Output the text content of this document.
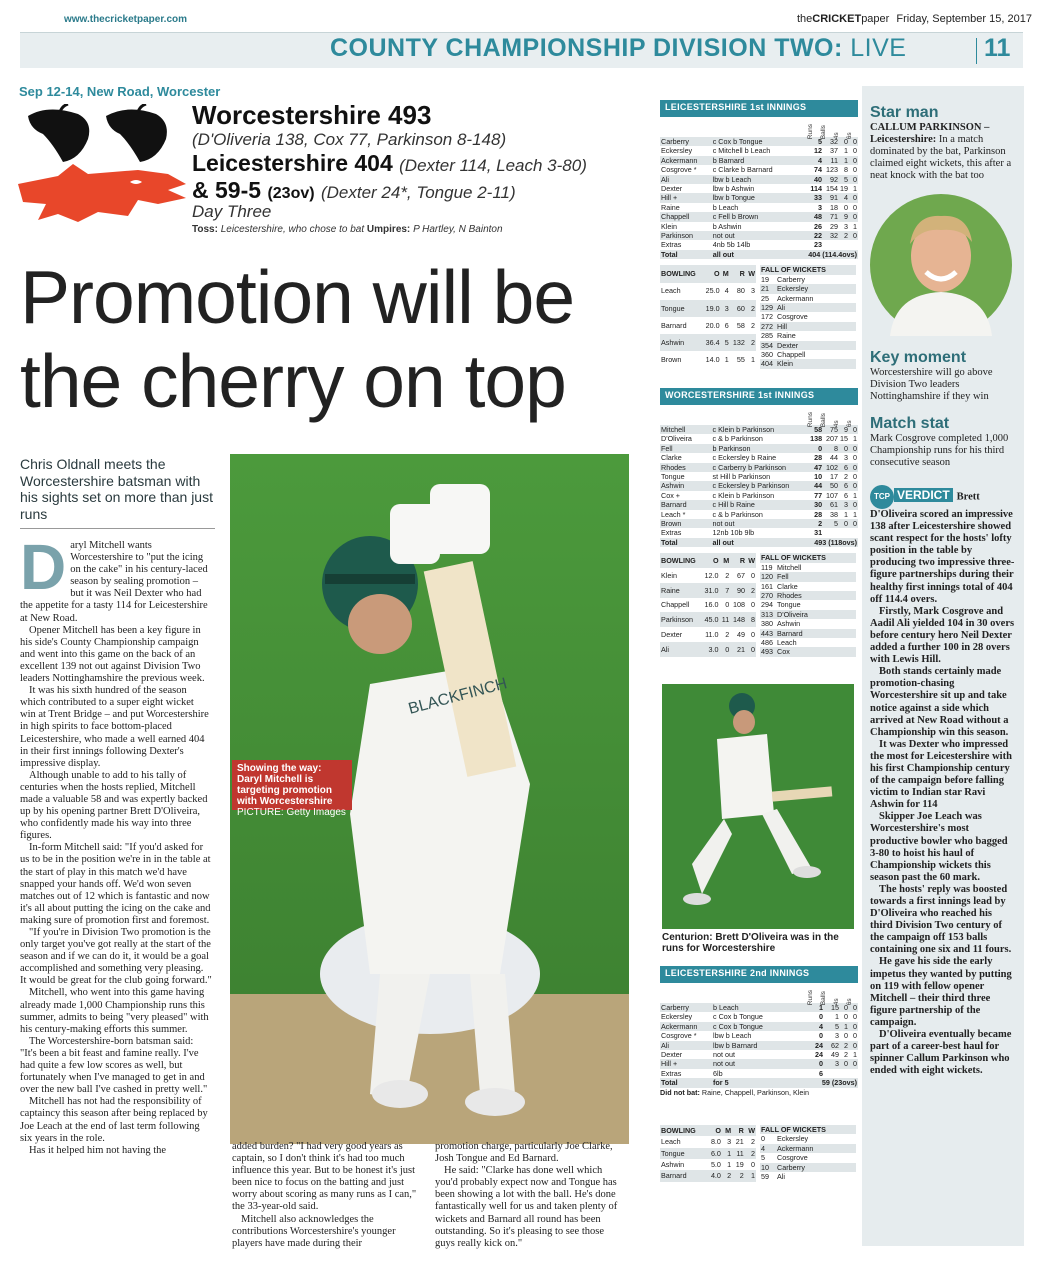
www.thecricketpaper.com	theCRICKETpaper Friday, September 15, 2017
COUNTY CHAMPIONSHIP DIVISION TWO: LIVE	11
Sep 12-14, New Road, Worcester
Worcestershire 493
(D'Oliveria 138, Cox 77, Parkinson 8-148)
Leicestershire 404 (Dexter 114, Leach 3-80)
& 59-5 (23ov) (Dexter 24*, Tongue 2-11)
Day Three
Toss: Leicestershire, who chose to bat Umpires: P Hartley, N Bainton
Promotion will be
the cherry on top
Chris Oldnall meets the Worcestershire batsman with his sights set on more than just runs

Daryl Mitchell wants Worcestershire to "put the icing on the cake" in his century-laced season by sealing promotion – but it was Neil Dexter who had the appetite for a tasty 114 for Leicestershire at New Road.

Opener Mitchell has been a key figure in his side's County Championship campaign and went into this game on the back of an excellent 139 not out against Division Two leaders Nottinghamshire the previous week.

It was his sixth hundred of the season which contributed to a super eight wicket win at Trent Bridge – and put Worcestershire in high spirits to face bottom-placed Leicestershire, who made a well earned 404 in their first innings following Dexter's impressive display.

Although unable to add to his tally of centuries when the hosts replied, Mitchell made a valuable 58 and was expertly backed up by his opening partner Brett D'Oliveira, who confidently made his way into three figures.

In-form Mitchell said: "If you'd asked for us to be in the position we're in in the table at the start of play in this match we'd have snapped your hands off. We'd won seven matches out of 12 which is fantastic and now it's all about putting the icing on the cake and making sure of promotion first and foremost.

"If you're in Division Two promotion is the only target you've got really at the start of the season and if we can do it, it would be a goal accomplished and something very pleasing. It would be great for the club going forward."

Mitchell, who went into this game having already made 1,000 Championship runs this summer, admits to being "very pleased" with his century-making efforts this summer.

The Worcestershire-born batsman said: "It's been a bit feast and famine really. I've had quite a few low scores as well, but fortunately when I've managed to get in and over the new ball I've cashed in pretty well."

Mitchell has not had the responsibility of captaincy this season after being replaced by Joe Leach at the end of last term following six years in the role.

Has it helped him not having the

BLACKFINCH
Showing the way: Daryl Mitchell is targeting promotion with Worcestershire
PICTURE: Getty Images

added burden? "I had very good years as captain, so I don't think it's had too much influence this year. But to be honest it's just been nice to focus on the batting and just worry about scoring as many runs as I can," the 33-year-old said.

Mitchell also acknowledges the contributions Worcestershire's younger players have made during their

promotion charge, particularly Joe Clarke, Josh Tongue and Ed Barnard.

He said: "Clarke has done well which you'd probably expect now and Tongue has been showing a lot with the ball. He's done fantastically well for us and taken plenty of wickets and Barnard all round has been outstanding. So it's pleasing to see those guys really kick on."

LEICESTERSHIRE 1st INNINGS
Runs Balls 4s 6s
Carberry	c Cox b Tongue	5	32	0	0
Eckersley	c Mitchell b Leach	12	37	1	0
Ackermann	b Barnard	4	11	1	0
Cosgrove *	c Clarke b Barnard	74	123	8	0
Ali	lbw b Leach	40	92	5	0
Dexter	lbw b Ashwin	114	154	19	1
Hill +	lbw b Tongue	33	91	4	0
Raine	b Leach	3	18	0	0
Chappell	c Fell b Brown	48	71	9	0
Klein	b Ashwin	26	29	3	1
Parkinson	not out	22	32	2	0
Extras	4nb 5b 14lb	23			
Total	all out	404 (114.4ovs)			
BOWLING	O	M	R	W
Leach	25.0	4	80	3
Tongue	19.0	3	60	2
Barnard	20.0	6	58	2
Ashwin	36.4	5	132	2
Brown	14.0	1	55	1
FALL OF WICKETS	
19	Carberry
21	Eckersley
25	Ackermann
129	Ali
172	Cosgrove
272	Hill
285	Raine
354	Dexter
360	Chappell
404	Klein
WORCESTERSHIRE 1st INNINGS
Runs Balls 4s 6s
Mitchell	c Klein b Parkinson	58	75	9	0
D'Oliveira	c & b Parkinson	138	207	15	1
Fell	b Parkinson	0	8	0	0
Clarke	c Eckersley b Raine	28	44	3	0
Rhodes	c Carberry b Parkinson	47	102	6	0
Tongue	st Hill b Parkinson	10	17	2	0
Ashwin	c Eckersley b Parkinson	44	50	6	0
Cox +	c Klein b Parkinson	77	107	6	1
Barnard	c Hill b Raine	30	61	3	0
Leach *	c & b Parkinson	28	38	1	1
Brown	not out	2	5	0	0
Extras	12nb 10b 9lb	31			
Total	all out	493 (118ovs)			
BOWLING	O	M	R	W
Klein	12.0	2	67	0
Raine	31.0	7	90	2
Chappell	16.0	0	108	0
Parkinson	45.0	11	148	8
Dexter	11.0	2	49	0
Ali	3.0	0	21	0
FALL OF WICKETS	
119	Mitchell
120	Fell
161	Clarke
270	Rhodes
294	Tongue
313	D'Oliveira
380	Ashwin
443	Barnard
486	Leach
493	Cox
Centurion: Brett D'Oliveira was in the runs for Worcestershire
LEICESTERSHIRE 2nd INNINGS
Runs Balls 4s 6s
Carberry	b Leach	1	15	0	0
Eckersley	c Cox b Tongue	0	1	0	0
Ackermann	c Cox b Tongue	4	5	1	0
Cosgrove *	lbw b Leach	0	3	0	0
Ali	lbw b Barnard	24	62	2	0
Dexter	not out	24	49	2	1
Hill +	not out	0	3	0	0
Extras	6lb	6			
Total	for 5	59 (23ovs)			
Did not bat: Raine, Chappell, Parkinson, Klein
BOWLING	O	M	R	W
Leach	8.0	3	21	2
Tongue	6.0	1	11	2
Ashwin	5.0	1	19	0
Barnard	4.0	2	2	1
FALL OF WICKETS	
0	Eckersley
4	Ackermann
5	Cosgrove
10	Carberry
59	Ali
Star man
CALLUM PARKINSON –
Leicestershire: In a match dominated by the bat, Parkinson claimed eight wickets, this after a neat knock with the bat too
Key moment
Worcestershire will go above Division Two leaders Nottinghamshire if they win
Match stat
Mark Cosgrove completed 1,000 Championship runs for his third consecutive season

TCP VERDICT Brett D'Oliveira scored an impressive 138 after Leicestershire showed scant respect for the hosts' lofty position in the table by producing two impressive three-figure partnerships during their healthy first innings total of 404 off 114.4 overs.

Firstly, Mark Cosgrove and Aadil Ali yielded 104 in 30 overs before century hero Neil Dexter added a further 100 in 28 overs with Lewis Hill.

Both stands certainly made promotion-chasing Worcestershire sit up and take notice against a side which arrived at New Road without a Championship win this season.

It was Dexter who impressed the most for Leicestershire with his first Championship century of the campaign before falling victim to Indian star Ravi Ashwin for 114

Skipper Joe Leach was Worcestershire's most productive bowler who bagged 3-80 to hoist his haul of Championship wickets this season past the 60 mark.

The hosts' reply was boosted towards a first innings lead by D'Oliveira who reached his third Division Two century of the campaign off 153 balls containing one six and 11 fours.

He gave his side the early impetus they wanted by putting on 119 with fellow opener Mitchell – their third three figure partnership of the campaign.

D'Oliveira eventually became part of a career-best haul for spinner Callum Parkinson who ended with eight wickets.
